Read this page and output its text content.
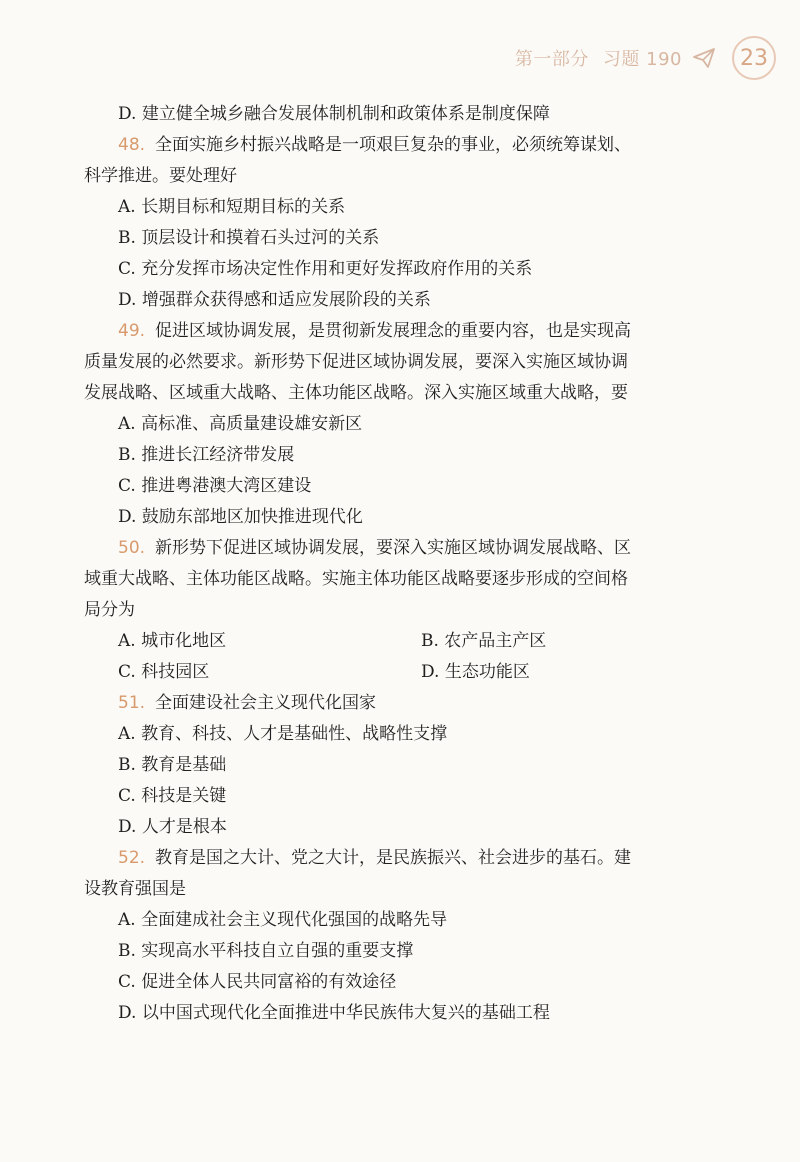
第一部分 习题 190	23
D. 建立健全城乡融合发展体制机制和政策体系是制度保障
48. 全面实施乡村振兴战略是一项艰巨复杂的事业，必须统筹谋划、
科学推进。要处理好
A. 长期目标和短期目标的关系
B. 顶层设计和摸着石头过河的关系
C. 充分发挥市场决定性作用和更好发挥政府作用的关系
D. 增强群众获得感和适应发展阶段的关系
49. 促进区域协调发展，是贯彻新发展理念的重要内容，也是实现高
质量发展的必然要求。新形势下促进区域协调发展，要深入实施区域协调
发展战略、区域重大战略、主体功能区战略。深入实施区域重大战略，要
A. 高标准、高质量建设雄安新区
B. 推进长江经济带发展
C. 推进粤港澳大湾区建设
D. 鼓励东部地区加快推进现代化
50. 新形势下促进区域协调发展，要深入实施区域协调发展战略、区
域重大战略、主体功能区战略。实施主体功能区战略要逐步形成的空间格
局分为
A. 城市化地区	B. 农产品主产区
C. 科技园区	D. 生态功能区
51. 全面建设社会主义现代化国家
A. 教育、科技、人才是基础性、战略性支撑
B. 教育是基础
C. 科技是关键
D. 人才是根本
52. 教育是国之大计、党之大计，是民族振兴、社会进步的基石。建
设教育强国是
A. 全面建成社会主义现代化强国的战略先导
B. 实现高水平科技自立自强的重要支撑
C. 促进全体人民共同富裕的有效途径
D. 以中国式现代化全面推进中华民族伟大复兴的基础工程
